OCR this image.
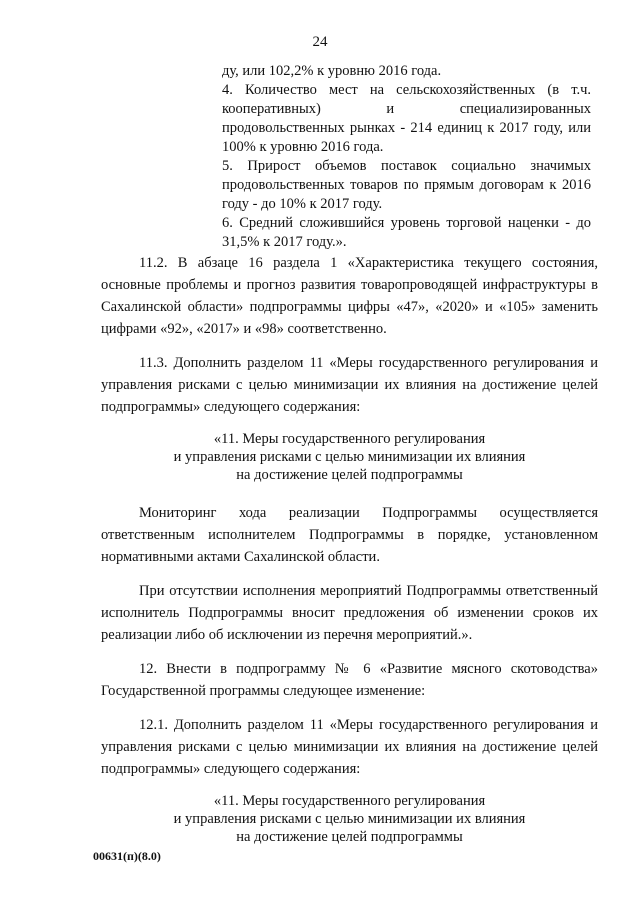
24

ду, или 102,2% к уровню 2016 года.

4. Количество мест на сельскохозяйственных (в т.ч. кооперативных) и специализированных продовольственных рынках - 214 единиц к 2017 году, или 100% к уровню 2016 года.

5. Прирост объемов поставок социально значимых продовольственных товаров по прямым договорам к 2016 году - до 10% к 2017 году.

6. Средний сложившийся уровень торговой наценки - до 31,5% к 2017 году.».

11.2. В абзаце 16 раздела 1 «Характеристика текущего состояния, основные проблемы и прогноз развития товаропроводящей инфраструктуры в Сахалинской области» подпрограммы цифры «47», «2020» и «105» заменить цифрами «92», «2017» и «98» соответственно.

11.3. Дополнить разделом 11 «Меры государственного регулирования и управления рисками с целью минимизации их влияния на достижение целей подпрограммы» следующего содержания:

«11. Меры государственного регулирования
и управления рисками с целью минимизации их влияния
на достижение целей подпрограммы

Мониторинг хода реализации Подпрограммы осуществляется ответственным исполнителем Подпрограммы в порядке, установленном нормативными актами Сахалинской области.

При отсутствии исполнения мероприятий Подпрограммы ответственный исполнитель Подпрограммы вносит предложения об изменении сроков их реализации либо об исключении из перечня мероприятий.».

12. Внести в подпрограмму № 6 «Развитие мясного скотоводства» Государственной программы следующее изменение:

12.1. Дополнить разделом 11 «Меры государственного регулирования и управления рисками с целью минимизации их влияния на достижение целей подпрограммы» следующего содержания:

«11. Меры государственного регулирования
и управления рисками с целью минимизации их влияния
на достижение целей подпрограммы

00631(п)(8.0)
